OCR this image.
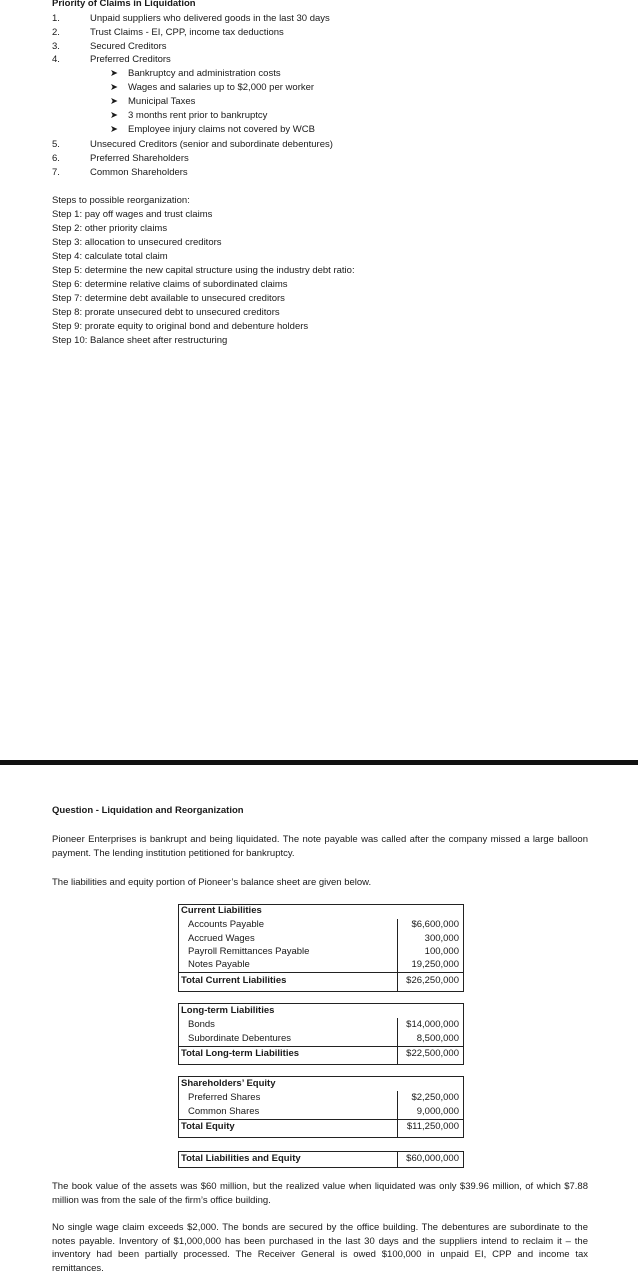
Priority of Claims in Liquidation
1.	Unpaid suppliers who delivered goods in the last 30 days
2.	Trust Claims - EI, CPP, income tax deductions
3.	Secured Creditors
4.	Preferred Creditors
➤ Bankruptcy and administration costs
➤ Wages and salaries up to $2,000 per worker
➤ Municipal Taxes
➤ 3 months rent prior to bankruptcy
➤ Employee injury claims not covered by WCB
5.	Unsecured Creditors (senior and subordinate debentures)
6.	Preferred Shareholders
7.	Common Shareholders
Steps to possible reorganization:
Step 1: pay off wages and trust claims
Step 2: other priority claims
Step 3: allocation to unsecured creditors
Step 4: calculate total claim
Step 5: determine the new capital structure using the industry debt ratio:
Step 6: determine relative claims of subordinated claims
Step 7: determine debt available to unsecured creditors
Step 8: prorate unsecured debt to unsecured creditors
Step 9: prorate equity to original bond and debenture holders
Step 10: Balance sheet after restructuring
Question - Liquidation and Reorganization
Pioneer Enterprises is bankrupt and being liquidated. The note payable was called after the company missed a large balloon payment. The lending institution petitioned for bankruptcy.
The liabilities and equity portion of Pioneer’s balance sheet are given below.
Current Liabilities
Accounts Payable	$6,600,000
Accrued Wages	300,000
Payroll Remittances Payable	100,000
Notes Payable	19,250,000
Total Current Liabilities	$26,250,000
Long-term Liabilities
Bonds	$14,000,000
Subordinate Debentures	8,500,000
Total Long-term Liabilities	$22,500,000
Shareholders’ Equity
Preferred Shares	$2,250,000
Common Shares	9,000,000
Total Equity	$11,250,000
Total Liabilities and Equity	$60,000,000
The book value of the assets was $60 million, but the realized value when liquidated was only $39.96 million, of which $7.88 million was from the sale of the firm’s office building.
No single wage claim exceeds $2,000. The bonds are secured by the office building. The debentures are subordinate to the notes payable. Inventory of $1,000,000 has been purchased in the last 30 days and the suppliers intend to reclaim it – the inventory had been partially processed. The Receiver General is owed $100,000 in unpaid EI, CPP and income tax remittances.
